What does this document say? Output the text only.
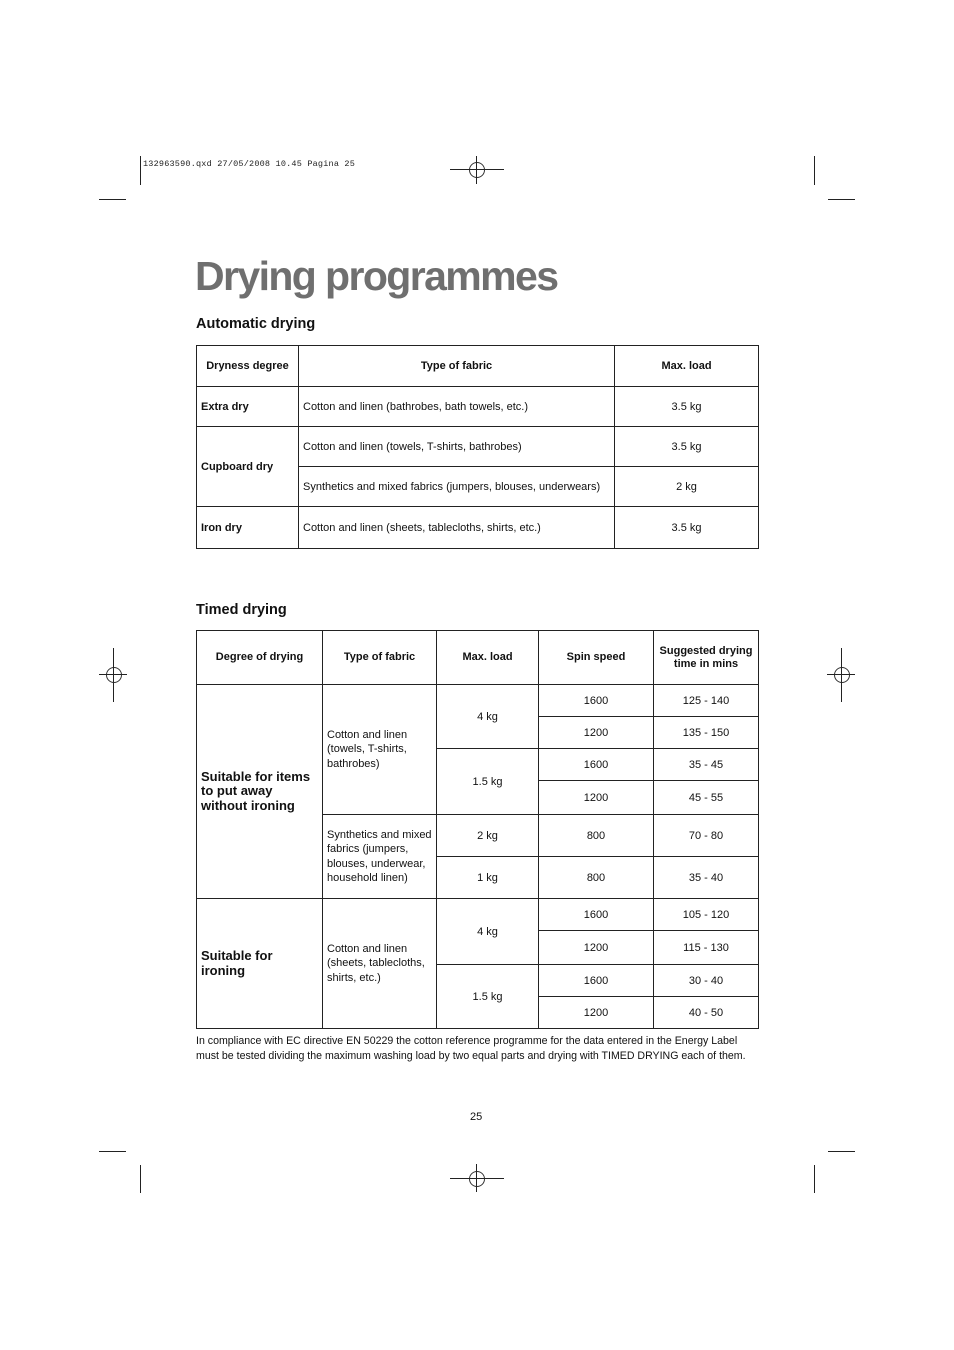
132963590.qxd 27/05/2008 10.45 Pagina 25
Drying programmes
Automatic drying
Dryness degree	Type of fabric	Max. load
Extra dry	Cotton and linen (bathrobes, bath towels, etc.)	3.5 kg
Cupboard dry	Cotton and linen (towels, T-shirts, bathrobes)	3.5 kg
	Synthetics and mixed fabrics (jumpers, blouses, underwears)	2 kg
Iron dry	Cotton and linen (sheets, tablecloths, shirts, etc.)	3.5 kg
Timed drying
Degree of drying	Type of fabric	Max. load	Spin speed	Suggested drying time in mins
Suitable for items to put away without ironing	Cotton and linen (towels, T-shirts, bathrobes)	4 kg	1600	125 - 140
			1200	135 - 150
		1.5 kg	1600	35 - 45
			1200	45 - 55
	Synthetics and mixed fabrics (jumpers, blouses, underwear, household linen)	2 kg	800	70 - 80
		1 kg	800	35 - 40
Suitable for ironing	Cotton and linen (sheets, tablecloths, shirts, etc.)	4 kg	1600	105 - 120
			1200	115 - 130
		1.5 kg	1600	30 - 40
			1200	40 - 50
In compliance with EC directive EN 50229 the cotton reference programme for the data entered in the Energy Label must be tested dividing the maximum washing load by two equal parts and drying with TIMED DRYING each of them.
25
